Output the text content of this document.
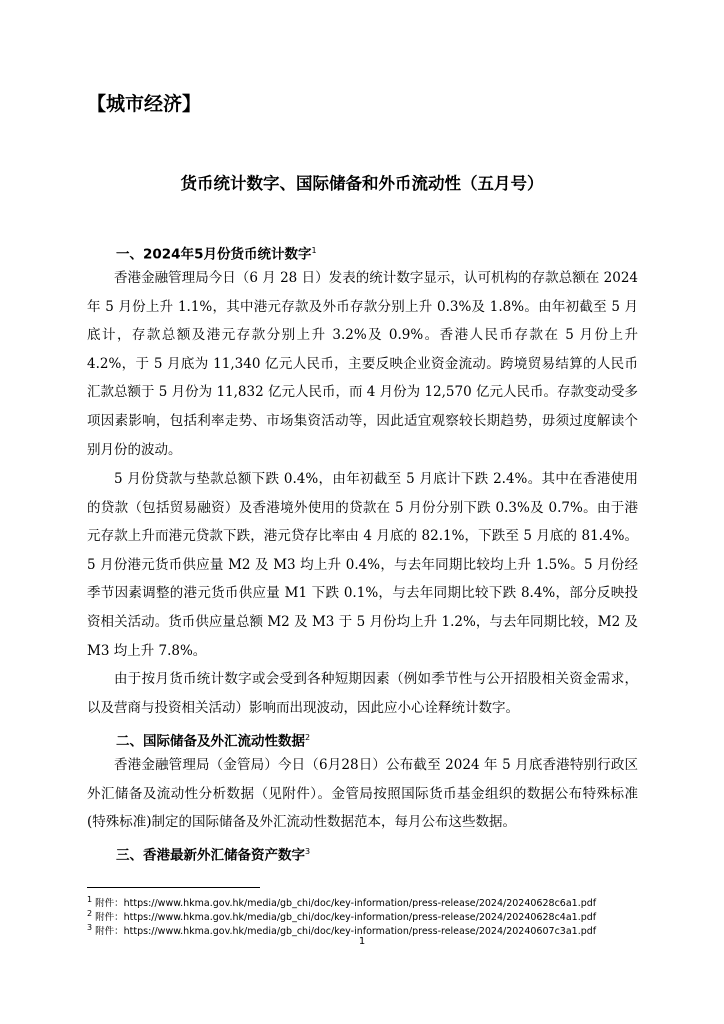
【城市经济】
货币统计数字、国际储备和外币流动性（五月号）
一、2024年5月份货币统计数字$^1$

香港金融管理局今日（6 月 28 日）发表的统计数字显示，认可机构的存款总额在 2024 年 5 月份上升 1.1%，其中港元存款及外币存款分别上升 0.3%及 1.8%。由年初截至 5 月底计，存款总额及港元存款分别上升 3.2%及 0.9%。香港人民币存款在 5 月份上升 4.2%，于 5 月底为 11,340 亿元人民币，主要反映企业资金流动。跨境贸易结算的人民币汇款总额于 5 月份为 11,832 亿元人民币，而 4 月份为 12,570 亿元人民币。存款变动受多项因素影响，包括利率走势、市场集资活动等，因此适宜观察较长期趋势，毋须过度解读个别月份的波动。

5 月份贷款与垫款总额下跌 0.4%，由年初截至 5 月底计下跌 2.4%。其中在香港使用的贷款（包括贸易融资）及香港境外使用的贷款在 5 月份分别下跌 0.3%及 0.7%。由于港元存款上升而港元贷款下跌，港元贷存比率由 4 月底的 82.1%，下跌至 5 月底的 81.4%。5 月份港元货币供应量 M2 及 M3 均上升 0.4%，与去年同期比较均上升 1.5%。5 月份经季节因素调整的港元货币供应量 M1 下跌 0.1%，与去年同期比较下跌 8.4%，部分反映投资相关活动。货币供应量总额 M2 及 M3 于 5 月份均上升 1.2%，与去年同期比较，M2 及 M3 均上升 7.8%。

由于按月货币统计数字或会受到各种短期因素（例如季节性与公开招股相关资金需求，以及营商与投资相关活动）影响而出现波动，因此应小心诠释统计数字。

二、国际储备及外汇流动性数据$^2$

香港金融管理局（金管局）今日（6月28日）公布截至 2024 年 5 月底香港特别行政区外汇储备及流动性分析数据（见附件）。金管局按照国际货币基金组织的数据公布特殊标准(特殊标准)制定的国际储备及外汇流动性数据范本，每月公布这些数据。

三、香港最新外汇储备资产数字$^3$
$^1$ 附件：https://www.hkma.gov.hk/media/gb_chi/doc/key-information/press-release/2024/20240628c6a1.pdf
$^2$ 附件：https://www.hkma.gov.hk/media/gb_chi/doc/key-information/press-release/2024/20240628c4a1.pdf
$^3$ 附件：https://www.hkma.gov.hk/media/gb_chi/doc/key-information/press-release/2024/20240607c3a1.pdf
1
